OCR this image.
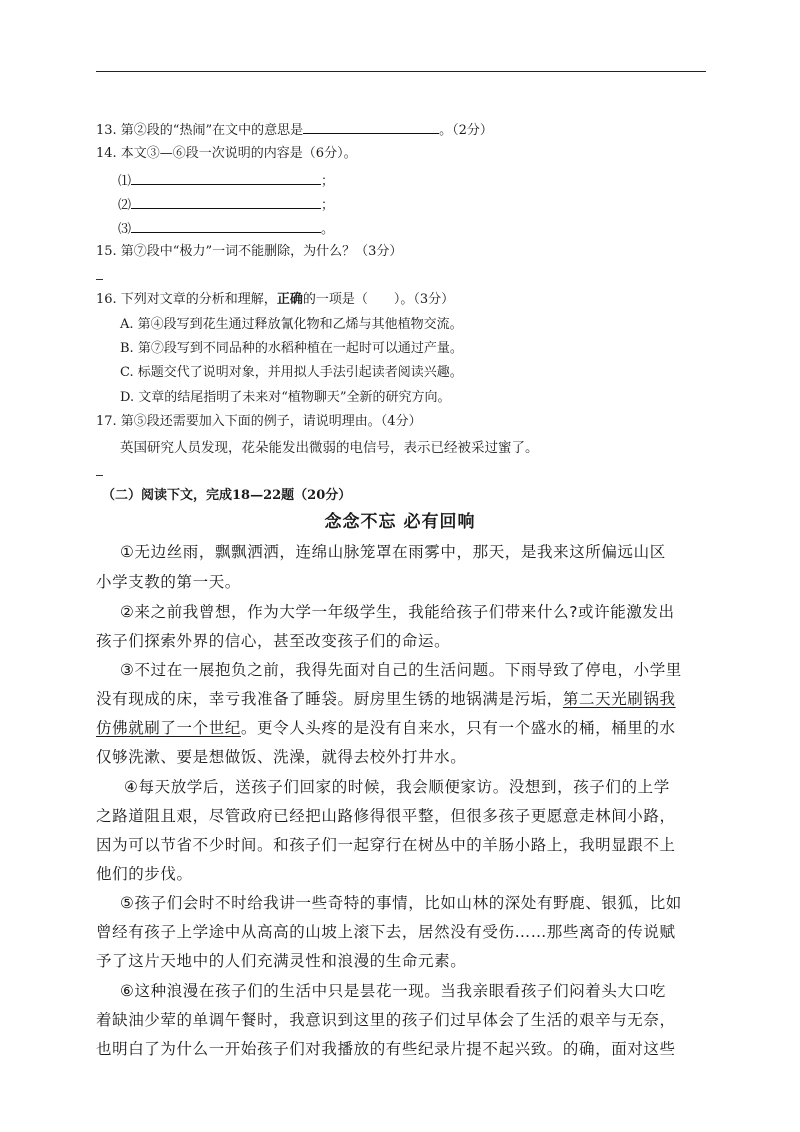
13. 第②段的“热闹”在文中的意思是	。（2分）
14. 本文③—⑥段一次说明的内容是（6分）。
⑴	；
⑵	；
⑶	。
15. 第⑦段中“极力”一词不能删除，为什么？（3分）
16. 下列对文章的分析和理解，正确的一项是（　　）。（3分）
A. 第④段写到花生通过释放氰化物和乙烯与其他植物交流。
B. 第⑦段写到不同品种的水稻种植在一起时可以通过产量。
C. 标题交代了说明对象，并用拟人手法引起读者阅读兴趣。
D. 文章的结尾指明了未来对“植物聊天”全新的研究方向。
17. 第⑤段还需要加入下面的例子，请说明理由。（4分）
英国研究人员发现，花朵能发出微弱的电信号，表示已经被采过蜜了。
（二）阅读下文，完成18—22题（20分）
念念不忘 必有回响
①无边丝雨，飘飘洒洒，连绵山脉笼罩在雨雾中，那天，是我来这所偏远山区
小学支教的第一天。
②来之前我曾想，作为大学一年级学生，我能给孩子们带来什么?或许能激发出
孩子们探索外界的信心，甚至改变孩子们的命运。
③不过在一展抱负之前，我得先面对自己的生活问题。下雨导致了停电，小学里
没有现成的床，幸亏我准备了睡袋。厨房里生锈的地锅满是污垢，第二天光刷锅我
仿佛就刷了一个世纪。更令人头疼的是没有自来水，只有一个盛水的桶，桶里的水
仅够洗漱、要是想做饭、洗澡，就得去校外打井水。
④每天放学后，送孩子们回家的时候，我会顺便家访。没想到，孩子们的上学
之路道阻且艰，尽管政府已经把山路修得很平整，但很多孩子更愿意走林间小路，
因为可以节省不少时间。和孩子们一起穿行在树丛中的羊肠小路上，我明显跟不上
他们的步伐。
⑤孩子们会时不时给我讲一些奇特的事情，比如山林的深处有野鹿、银狐，比如
曾经有孩子上学途中从高高的山坡上滚下去，居然没有受伤……那些离奇的传说赋
予了这片天地中的人们充满灵性和浪漫的生命元素。
⑥这种浪漫在孩子们的生活中只是昙花一现。当我亲眼看孩子们闷着头大口吃
着缺油少荤的单调午餐时，我意识到这里的孩子们过早体会了生活的艰辛与无奈，
也明白了为什么一开始孩子们对我播放的有些纪录片提不起兴致。的确，面对这些
